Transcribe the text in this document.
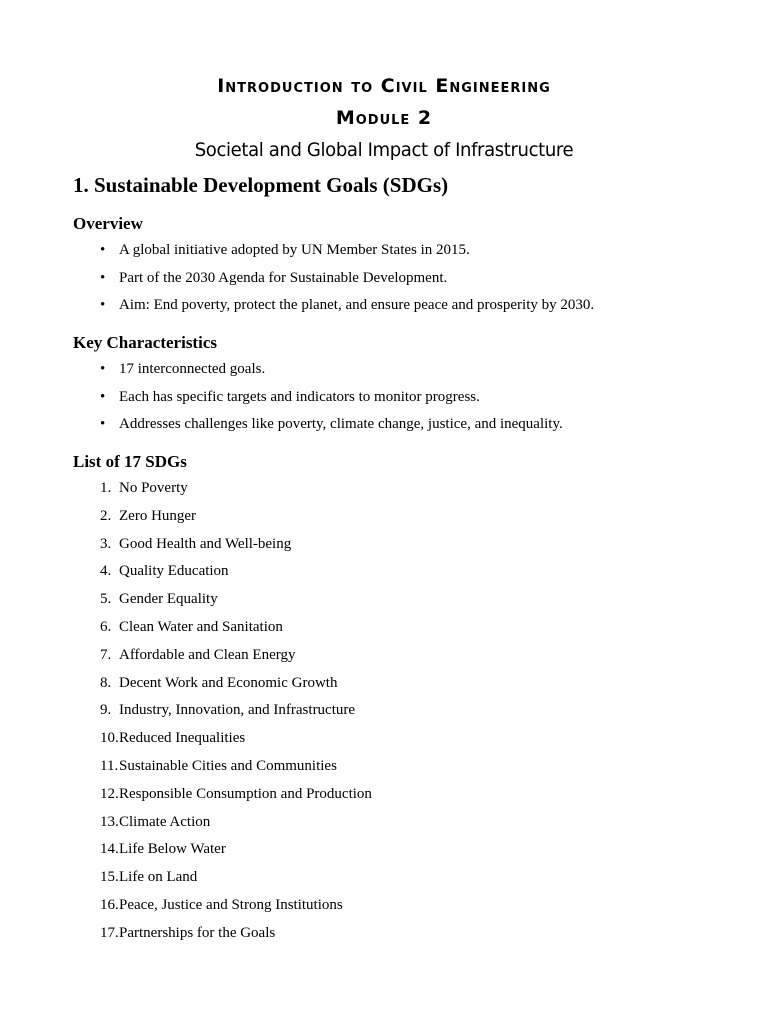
Introduction to Civil Engineering
Module 2
Societal and Global Impact of Infrastructure
1. Sustainable Development Goals (SDGs)
Overview
• A global initiative adopted by UN Member States in 2015.
• Part of the 2030 Agenda for Sustainable Development.
• Aim: End poverty, protect the planet, and ensure peace and prosperity by 2030.
Key Characteristics
• 17 interconnected goals.
• Each has specific targets and indicators to monitor progress.
• Addresses challenges like poverty, climate change, justice, and inequality.
List of 17 SDGs
1. No Poverty
2. Zero Hunger
3. Good Health and Well-being
4. Quality Education
5. Gender Equality
6. Clean Water and Sanitation
7. Affordable and Clean Energy
8. Decent Work and Economic Growth
9. Industry, Innovation, and Infrastructure
10. Reduced Inequalities
11. Sustainable Cities and Communities
12. Responsible Consumption and Production
13. Climate Action
14. Life Below Water
15. Life on Land
16. Peace, Justice and Strong Institutions
17. Partnerships for the Goals
